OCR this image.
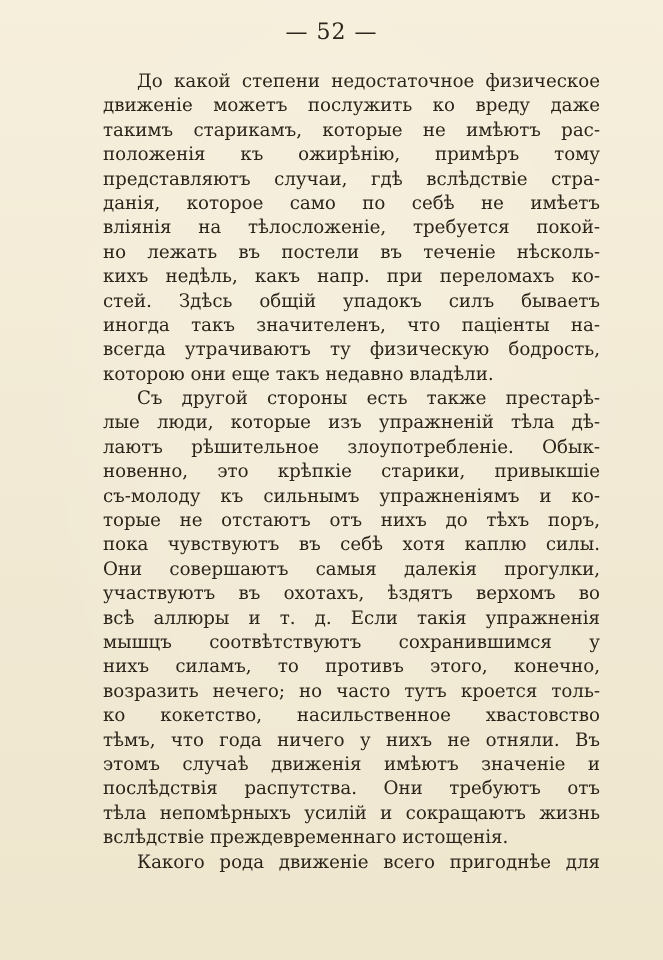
— 52 —
До какой степени недостаточное физическое
движеніе можетъ послужить ко вреду даже
такимъ старикамъ, которые не имѣютъ рас-
положенія къ ожирѣнію, примѣръ тому
представляютъ случаи, гдѣ вслѣдствіе стра-
данія, которое само по себѣ не имѣетъ
вліянія на тѣлосложеніе, требуется покой-
но лежать въ постели въ теченіе нѣсколь-
кихъ недѣль, какъ напр. при переломахъ ко-
стей. Здѣсь общій упадокъ силъ бываетъ
иногда такъ значителенъ, что паціенты на-
всегда утрачиваютъ ту физическую бодрость,
которою они еще такъ недавно владѣли.
Съ другой стороны есть также престарѣ-
лые люди, которые изъ упражненій тѣла дѣ-
лаютъ рѣшительное злоупотребленіе. Обык-
новенно, это крѣпкіе старики, привыкшіе
съ-молоду къ сильнымъ упражненіямъ и ко-
торые не отстаютъ отъ нихъ до тѣхъ поръ,
пока чувствуютъ въ себѣ хотя каплю силы.
Они совершаютъ самыя далекія прогулки,
участвуютъ въ охотахъ, ѣздятъ верхомъ во
всѣ аллюры и т. д. Если такія упражненія
мышцъ соотвѣтствуютъ сохранившимся у
нихъ силамъ, то противъ этого, конечно,
возразить нечего; но часто тутъ кроется толь-
ко кокетство, насильственное хвастовство
тѣмъ, что года ничего у нихъ не отняли. Въ
этомъ случаѣ движенія имѣютъ значеніе и
послѣдствія распутства. Они требуютъ отъ
тѣла непомѣрныхъ усилій и сокращаютъ жизнь
вслѣдствіе преждевременнаго истощенія.
Какого рода движеніе всего пригоднѣе для
